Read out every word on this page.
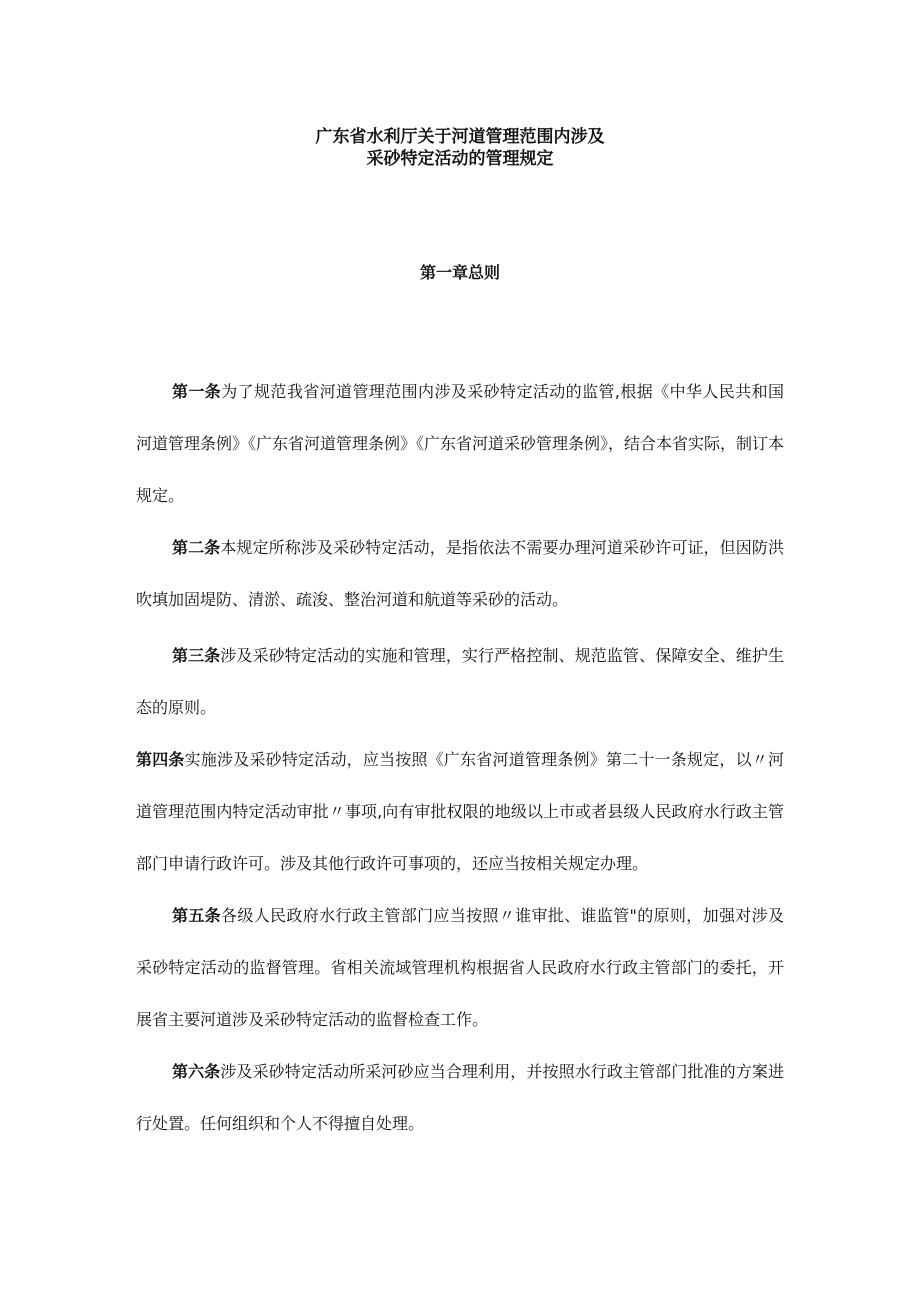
广东省水利厅关于河道管理范围内涉及
采砂特定活动的管理规定
第一章总则

第一条为了规范我省河道管理范围内涉及采砂特定活动的监管,根据《中华人民共和国河道管理条例》《广东省河道管理条例》《广东省河道采砂管理条例》，结合本省实际，制订本规定。

第二条本规定所称涉及采砂特定活动，是指依法不需要办理河道采砂许可证，但因防洪吹填加固堤防、清淤、疏浚、整治河道和航道等采砂的活动。

第三条涉及采砂特定活动的实施和管理，实行严格控制、规范监管、保障安全、维护生态的原则。

第四条实施涉及采砂特定活动，应当按照《广东省河道管理条例》第二十一条规定，以〃河道管理范围内特定活动审批〃事项,向有审批权限的地级以上市或者县级人民政府水行政主管部门申请行政许可。涉及其他行政许可事项的，还应当按相关规定办理。

第五条各级人民政府水行政主管部门应当按照〃谁审批、谁监管"的原则，加强对涉及采砂特定活动的监督管理。省相关流域管理机构根据省人民政府水行政主管部门的委托，开展省主要河道涉及采砂特定活动的监督检查工作。

第六条涉及采砂特定活动所采河砂应当合理利用，并按照水行政主管部门批准的方案进行处置。任何组织和个人不得擅自处理。
